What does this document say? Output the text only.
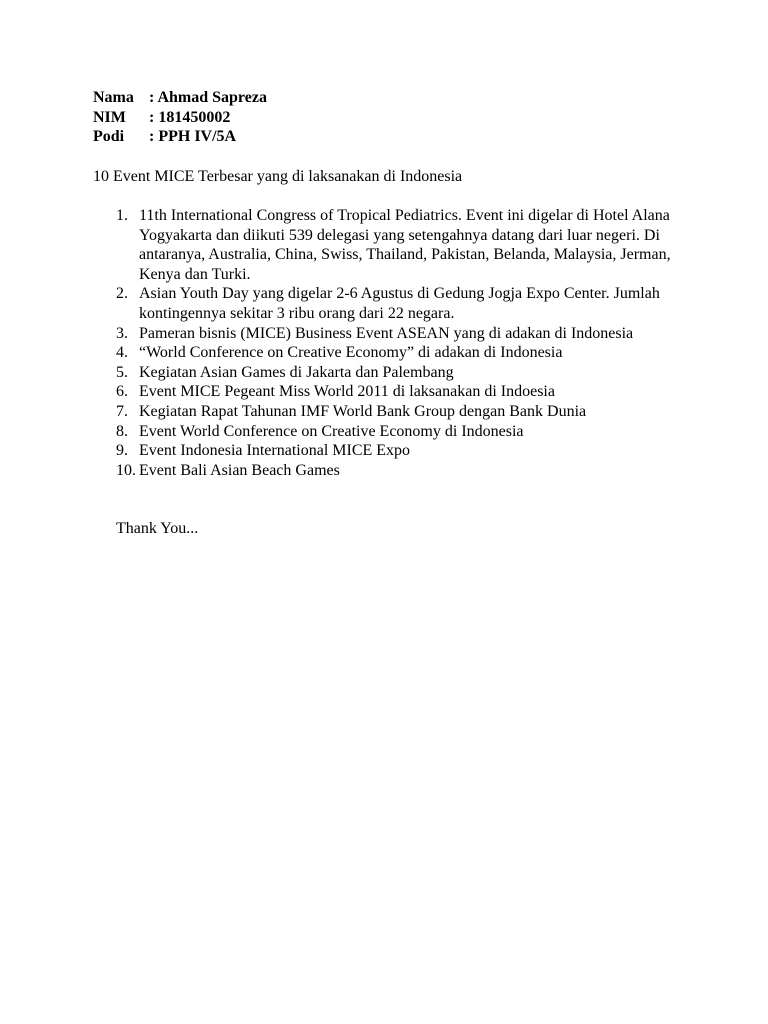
Nama : Ahmad Sapreza
NIM	: 181450002
Podi	: PPH IV/5A
10 Event MICE Terbesar yang di laksanakan di Indonesia
1. 11th International Congress of Tropical Pediatrics. Event ini digelar di Hotel Alana Yogyakarta dan diikuti 539 delegasi yang setengahnya datang dari luar negeri. Di antaranya, Australia, China, Swiss, Thailand, Pakistan, Belanda, Malaysia, Jerman, Kenya dan Turki.
2. Asian Youth Day yang digelar 2-6 Agustus di Gedung Jogja Expo Center. Jumlah kontingennya sekitar 3 ribu orang dari 22 negara.
3. Pameran bisnis (MICE) Business Event ASEAN yang di adakan di Indonesia
4. “World Conference on Creative Economy” di adakan di Indonesia
5. Kegiatan Asian Games di Jakarta dan Palembang
6. Event MICE Pegeant Miss World 2011 di laksanakan di Indoesia
7. Kegiatan Rapat Tahunan IMF World Bank Group dengan Bank Dunia
8. Event World Conference on Creative Economy di Indonesia
9. Event Indonesia International MICE Expo
10. Event Bali Asian Beach Games
Thank You...
